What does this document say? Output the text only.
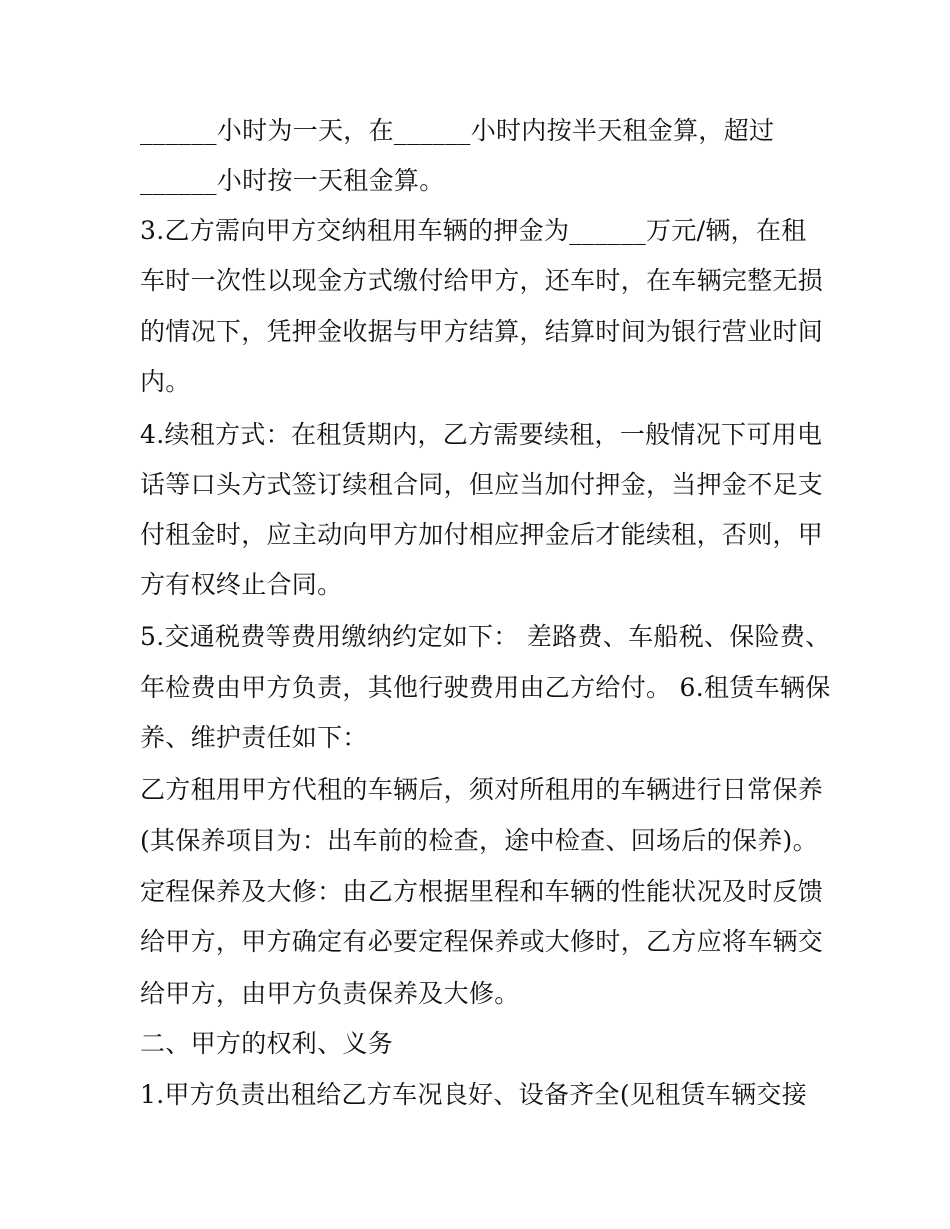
______小时为一天，在______小时内按半天租金算，超过

______小时按一天租金算。

3.乙方需向甲方交纳租用车辆的押金为______万元/辆，在租

车时一次性以现金方式缴付给甲方，还车时，在车辆完整无损

的情况下，凭押金收据与甲方结算，结算时间为银行营业时间

内。

4.续租方式：在租赁期内，乙方需要续租，一般情况下可用电

话等口头方式签订续租合同，但应当加付押金，当押金不足支

付租金时，应主动向甲方加付相应押金后才能续租，否则，甲

方有权终止合同。

5.交通税费等费用缴纳约定如下： 差路费、车船税、保险费、

年检费由甲方负责，其他行驶费用由乙方给付。 6.租赁车辆保

养、维护责任如下：

乙方租用甲方代租的车辆后，须对所租用的车辆进行日常保养

(其保养项目为：出车前的检查，途中检查、回场后的保养)。

定程保养及大修：由乙方根据里程和车辆的性能状况及时反馈

给甲方，甲方确定有必要定程保养或大修时，乙方应将车辆交

给甲方，由甲方负责保养及大修。

二、甲方的权利、义务

1.甲方负责出租给乙方车况良好、设备齐全(见租赁车辆交接
